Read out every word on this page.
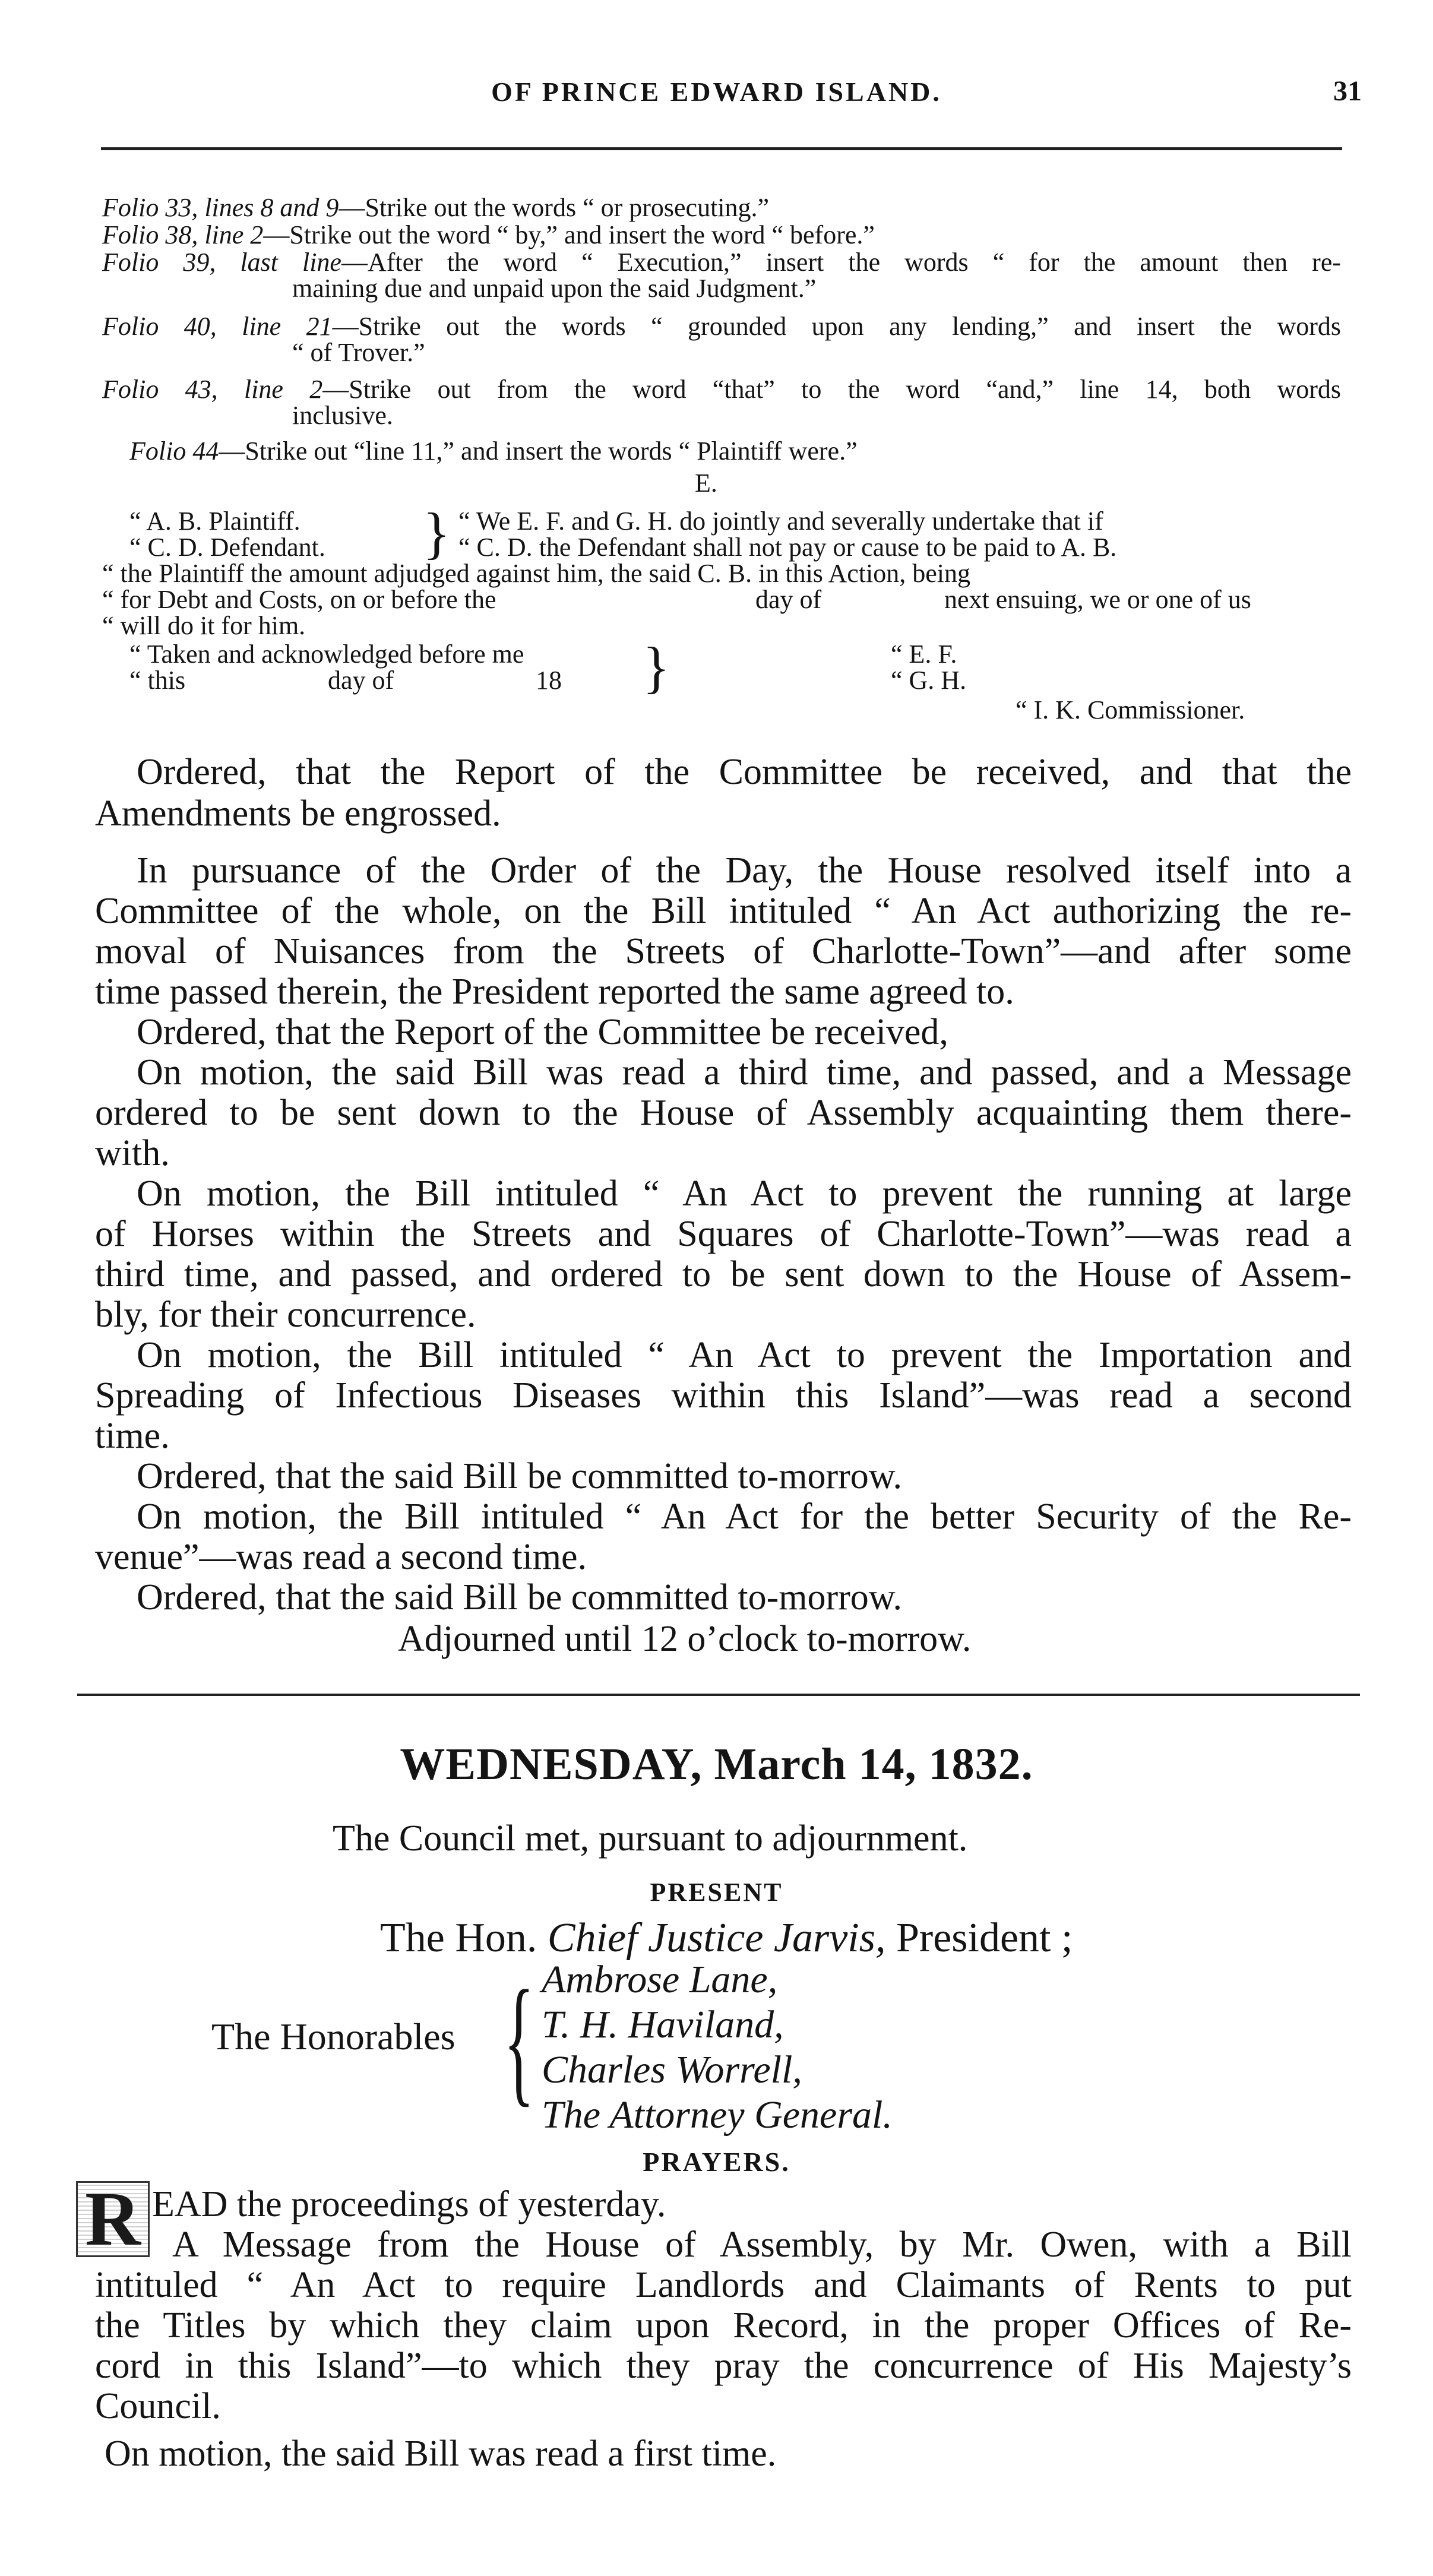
OF PRINCE EDWARD ISLAND.	31
Folio 33, lines 8 and 9—Strike out the words “ or prosecuting.”
Folio 38, line 2—Strike out the word “ by,” and insert the word “ before.”
Folio 39, last line—After the word “ Execution,” insert the words “ for the amount then re-
maining due and unpaid upon the said Judgment.”
Folio 40, line 21—Strike out the words “ grounded upon any lending,” and insert the words
“ of Trover.”
Folio 43, line 2—Strike out from the word “that” to the word “and,” line 14, both words
inclusive.
Folio 44—Strike out “line 11,” and insert the words “ Plaintiff were.”
E.
“ A. B. Plaintiff.
“ C. D. Defendant. } “ We E. F. and G. H. do jointly and severally undertake that if
“ C. D. the Defendant shall not pay or cause to be paid to A. B.
“ the Plaintiff the amount adjudged against him, the said C. B. in this Action, being
“ for Debt and Costs, on or before the	day of	next ensuing, we or one of us
“ will do it for him.
“ Taken and acknowledged before me
“ this	day of	18 }	“ E. F.
“ G. H.
“ I. K. Commissioner.
Ordered, that the Report of the Committee be received, and that the
Amendments be engrossed.
In pursuance of the Order of the Day, the House resolved itself into a
Committee of the whole, on the Bill intituled “ An Act authorizing the re-
moval of Nuisances from the Streets of Charlotte-Town”—and after some
time passed therein, the President reported the same agreed to.
Ordered, that the Report of the Committee be received,
On motion, the said Bill was read a third time, and passed, and a Message
ordered to be sent down to the House of Assembly acquainting them there-
with.
On motion, the Bill intituled “ An Act to prevent the running at large
of Horses within the Streets and Squares of Charlotte-Town”—was read a
third time, and passed, and ordered to be sent down to the House of Assem-
bly, for their concurrence.
On motion, the Bill intituled “ An Act to prevent the Importation and
Spreading of Infectious Diseases within this Island”—was read a second
time.
Ordered, that the said Bill be committed to-morrow.
On motion, the Bill intituled “ An Act for the better Security of the Re-
venue”—was read a second time.
Ordered, that the said Bill be committed to-morrow.
Adjourned until 12 o’clock to-morrow.
WEDNESDAY, March 14, 1832.
The Council met, pursuant to adjournment.
PRESENT
The Hon. Chief Justice Jarvis, President ;
The Honorables { Ambrose Lane,
T. H. Haviland,
Charles Worrell,
The Attorney General.
PRAYERS.
R EAD the proceedings of yesterday.
A Message from the House of Assembly, by Mr. Owen, with a Bill
intituled “ An Act to require Landlords and Claimants of Rents to put
the Titles by which they claim upon Record, in the proper Offices of Re-
cord in this Island”—to which they pray the concurrence of His Majesty’s
Council.
On motion, the said Bill was read a first time.
